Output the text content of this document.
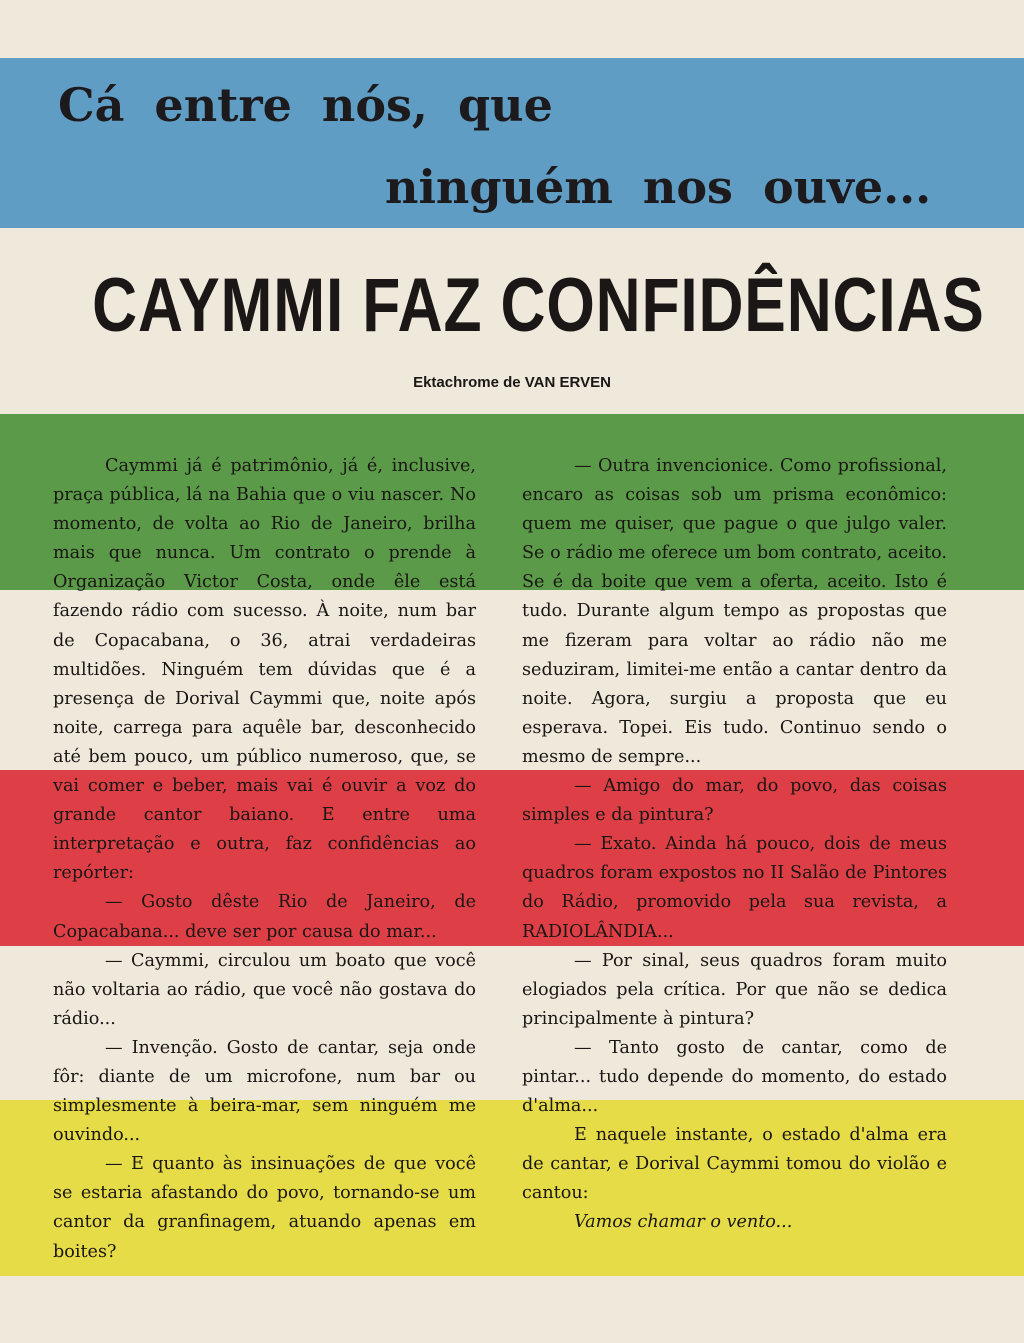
Cá entre nós, que
ninguém nos ouve...
CAYMMI FAZ CONFIDÊNCIAS

Ektachrome de VAN ERVEN

Caymmi já é patrimônio, já é, inclusive, praça pública, lá na Bahia que o viu nascer. No momento, de volta ao Rio de Janeiro, brilha mais que nunca. Um contrato o prende à Organização Victor Costa, onde êle está fazendo rádio com sucesso. À noite, num bar de Copacabana, o 36, atrai verdadeiras multidões. Ninguém tem dúvidas que é a presença de Dorival Caymmi que, noite após noite, carrega para aquêle bar, desconhecido até bem pouco, um público numeroso, que, se vai comer e beber, mais vai é ouvir a voz do grande cantor baiano. E entre uma interpretação e outra, faz confidências ao repórter:

— Gosto dêste Rio de Janeiro, de Copacabana... deve ser por causa do mar...

— Caymmi, circulou um boato que você não voltaria ao rádio, que você não gostava do rádio...

— Invenção. Gosto de cantar, seja onde fôr: diante de um microfone, num bar ou simplesmente à beira-mar, sem ninguém me ouvindo...

— E quanto às insinuações de que você se estaria afastando do povo, tornando-se um cantor da granfinagem, atuando apenas em boites?

— Outra invencionice. Como profissional, encaro as coisas sob um prisma econômico: quem me quiser, que pague o que julgo valer. Se o rádio me oferece um bom contrato, aceito. Se é da boite que vem a oferta, aceito. Isto é tudo. Durante algum tempo as propostas que me fizeram para voltar ao rádio não me seduziram, limitei-me então a cantar dentro da noite. Agora, surgiu a proposta que eu esperava. Topei. Eis tudo. Continuo sendo o mesmo de sempre...

— Amigo do mar, do povo, das coisas simples e da pintura?

— Exato. Ainda há pouco, dois de meus quadros foram expostos no II Salão de Pintores do Rádio, promovido pela sua revista, a RADIOLÂNDIA...

— Por sinal, seus quadros foram muito elogiados pela crítica. Por que não se dedica principalmente à pintura?

— Tanto gosto de cantar, como de pintar... tudo depende do momento, do estado d'alma...

E naquele instante, o estado d'alma era de cantar, e Dorival Caymmi tomou do violão e cantou:

Vamos chamar o vento...
